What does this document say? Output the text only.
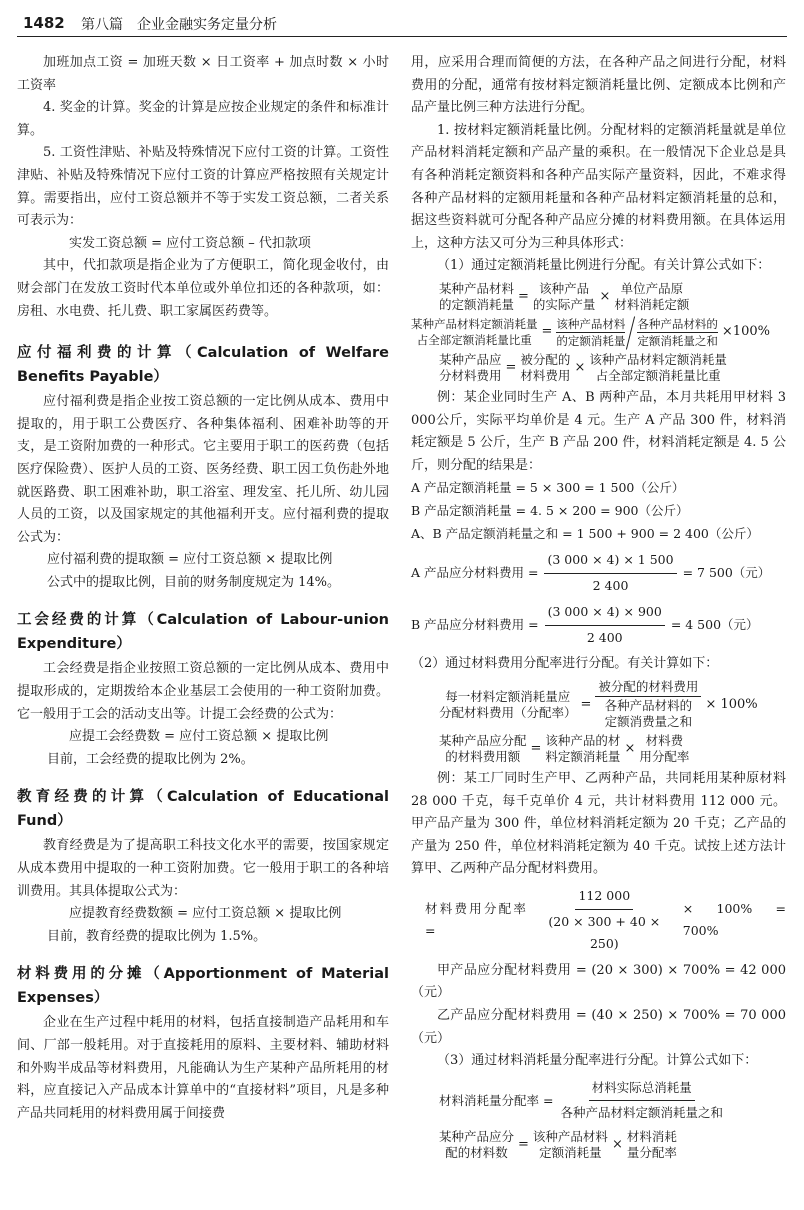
1482 第八篇　企业金融实务定量分析

加班加点工资 = 加班天数 × 日工资率 + 加点时数 × 小时工资率

4. 奖金的计算。奖金的计算是应按企业规定的条件和标准计算。

5. 工资性津贴、补贴及特殊情况下应付工资的计算。工资性津贴、补贴及特殊情况下应付工资的计算应严格按照有关规定计算。需要指出，应付工资总额并不等于实发工资总额，二者关系可表示为：

实发工资总额 = 应付工资总额 – 代扣款项

其中，代扣款项是指企业为了方便职工，简化现金收付，由财会部门在发放工资时代本单位或外单位扣还的各种款项，如：房租、水电费、托儿费、职工家属医药费等。

应付福利费的计算（Calculation of Welfare Benefits Payable）

应付福利费是指企业按工资总额的一定比例从成本、费用中提取的，用于职工公费医疗、各种集体福利、困难补助等的开支，是工资附加费的一种形式。它主要用于职工的医药费（包括医疗保险费）、医护人员的工资、医务经费、职工因工负伤赴外地就医路费、职工困难补助，职工浴室、理发室、托儿所、幼儿园人员的工资，以及国家规定的其他福利开支。应付福利费的提取公式为：

应付福利费的提取额 = 应付工资总额 × 提取比例

公式中的提取比例，目前的财务制度规定为 14%。

工会经费的计算（Calculation of Labour-union Expenditure）

工会经费是指企业按照工资总额的一定比例从成本、费用中提取形成的，定期拨给本企业基层工会使用的一种工资附加费。它一般用于工会的活动支出等。计提工会经费的公式为：

应提工会经费数 = 应付工资总额 × 提取比例

目前，工会经费的提取比例为 2%。

教育经费的计算（Calculation of Educational Fund）

教育经费是为了提高职工科技文化水平的需要，按国家规定从成本费用中提取的一种工资附加费。它一般用于职工的各种培训费用。其具体提取公式为：

应提教育经费数额 = 应付工资总额 × 提取比例

目前，教育经费的提取比例为 1.5%。

材料费用的分摊（Apportionment of Material Expenses）

企业在生产过程中耗用的材料，包括直接制造产品耗用和车间、厂部一般耗用。对于直接耗用的原料、主要材料、辅助材料和外购半成品等材料费用，凡能确认为生产某种产品所耗用的材料，应直接记入产品成本计算单中的“直接材料”项目，凡是多种产品共同耗用的材料费用属于间接费

用，应采用合理而简便的方法，在各种产品之间进行分配，材料费用的分配，通常有按材料定额消耗量比例、定额成本比例和产品产量比例三种方法进行分配。

1. 按材料定额消耗量比例。分配材料的定额消耗量就是单位产品材料消耗定额和产品产量的乘积。在一般情况下企业总是具有各种消耗定额资料和各种产品实际产量资料，因此，不难求得各种产品材料的定额用耗量和各种产品材料定额消耗量的总和，据这些资料就可分配各种产品应分摊的材料费用额。在具体运用上，这种方法又可分为三种具体形式：

（1）通过定额消耗量比例进行分配。有关计算公式如下：

某种产品材料
的定额消耗量
=
该种产品
的实际产量
×
单位产品原
材料消耗定额
某种产品材料定额消耗量
占全部定额消耗量比重
=
该种产品材料
的定额消耗量
各种产品材料的
定额消耗量之和
×100%
某种产品应
分材料费用
=
被分配的
材料费用
×
该种产品材料定额消耗量
占全部定额消耗量比重

例：某企业同时生产 A、B 两种产品，本月共耗用甲材料 3 000公斤，实际平均单价是 4 元。生产 A 产品 300 件，材料消耗定额是 5 公斤，生产 B 产品 200 件，材料消耗定额是 4. 5 公斤，则分配的结果是：

A 产品定额消耗量 = 5 × 300 = 1 500（公斤）

B 产品定额消耗量 = 4. 5 × 200 = 900（公斤）

A、B 产品定额消耗量之和 = 1 500 + 900 = 2 400（公斤）

A 产品应分材料费用 = $\frac{(3 000 \times 4) \times 1 500}{2 400} = 7$ 500（元）
B 产品应分材料费用 = $\frac{(3 000 \times 4) \times 900}{2 400} = 4$ 500（元）

（2）通过材料费用分配率进行分配。有关计算如下：

每一材料定额消耗量应
分配材料费用（分配率）
= 被分配的材料费用
各种产品材料的
定额消费量之和 × 100%
某种产品应分配
的材料费用额
=
该种产品的材
料定额消耗量
×
材料费
用分配率

例：某工厂同时生产甲、乙两种产品，共同耗用某种原材料 28 000 千克，每千克单价 4 元，共计材料费用 112 000 元。甲产品产量为 300 件，单位材料消耗定额为 20 千克；乙产品的产量为 250 件，单位材料消耗定额为 40 千克。试按上述方法计算甲、乙两种产品分配材料费用。

材料费用分配率 =	$\frac{112 000}{(20 \times 300 + 40 \times 250)} \times 100\% = 700\%$

甲产品应分配材料费用 = (20 × 300) × 700% = 42 000（元）

乙产品应分配材料费用 = (40 × 250) × 700% = 70 000（元）

（3）通过材料消耗量分配率进行分配。计算公式如下：

材料消耗量分配率 = $\frac{\text{材料实际总消耗量}}{\text{各种产品材料定额消耗量之和}}$
某种产品应分
配的材料数
=
该种产品材料
定额消耗量
×
材料消耗
量分配率
